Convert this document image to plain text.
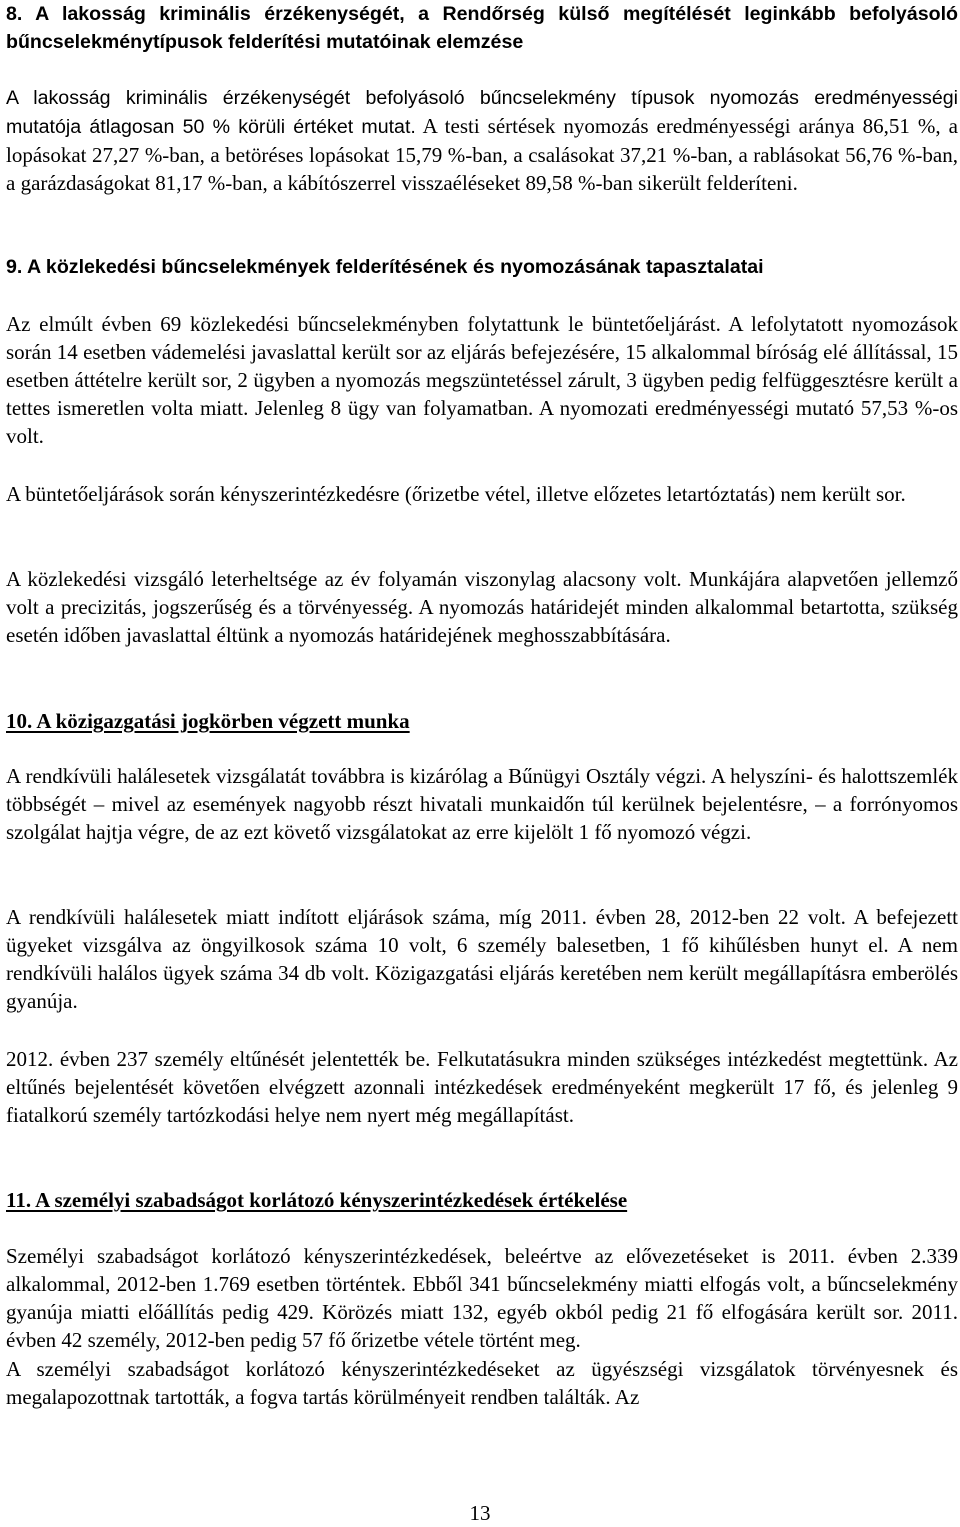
8. A lakosság kriminális érzékenységét, a Rendőrség külső megítélését leginkább befolyásoló bűncselekménytípusok felderítési mutatóinak elemzése

A lakosság kriminális érzékenységét befolyásoló bűncselekmény típusok nyomozás eredményességi mutatója átlagosan 50 % körüli értéket mutat. A testi sértések nyomozás eredményességi aránya 86,51 %, a lopásokat 27,27 %-ban, a betöréses lopásokat 15,79 %-ban, a csalásokat 37,21 %-ban, a rablásokat 56,76 %-ban, a garázdaságokat 81,17 %-ban, a kábítószerrel visszaéléseket 89,58 %-ban sikerült felderíteni.

9. A közlekedési bűncselekmények felderítésének és nyomozásának tapasztalatai

Az elmúlt évben 69 közlekedési bűncselekményben folytattunk le büntetőeljárást. A lefolytatott nyomozások során 14 esetben vádemelési javaslattal került sor az eljárás befejezésére, 15 alkalommal bíróság elé állítással, 15 esetben áttételre került sor, 2 ügyben a nyomozás megszüntetéssel zárult, 3 ügyben pedig felfüggesztésre került a tettes ismeretlen volta miatt. Jelenleg 8 ügy van folyamatban. A nyomozati eredményességi mutató 57,53 %-os volt.

A büntetőeljárások során kényszerintézkedésre (őrizetbe vétel, illetve előzetes letartóztatás) nem került sor.

A közlekedési vizsgáló leterheltsége az év folyamán viszonylag alacsony volt. Munkájára alapvetően jellemző volt a precizitás, jogszerűség és a törvényesség. A nyomozás határidejét minden alkalommal betartotta, szükség esetén időben javaslattal éltünk a nyomozás határidejének meghosszabbítására.

10. A közigazgatási jogkörben végzett munka

A rendkívüli halálesetek vizsgálatát továbbra is kizárólag a Bűnügyi Osztály végzi. A helyszíni- és halottszemlék többségét – mivel az események nagyobb részt hivatali munkaidőn túl kerülnek bejelentésre, – a forrónyomos szolgálat hajtja végre, de az ezt követő vizsgálatokat az erre kijelölt 1 fő nyomozó végzi.

A rendkívüli halálesetek miatt indított eljárások száma, míg 2011. évben 28, 2012-ben 22 volt. A befejezett ügyeket vizsgálva az öngyilkosok száma 10 volt, 6 személy balesetben, 1 fő kihűlésben hunyt el. A nem rendkívüli halálos ügyek száma 34 db volt. Közigazgatási eljárás keretében nem került megállapításra emberölés gyanúja.

2012. évben 237 személy eltűnését jelentették be. Felkutatásukra minden szükséges intézkedést megtettünk. Az eltűnés bejelentését követően elvégzett azonnali intézkedések eredményeként megkerült 17 fő, és jelenleg 9 fiatalkorú személy tartózkodási helye nem nyert még megállapítást.

11. A személyi szabadságot korlátozó kényszerintézkedések értékelése

Személyi szabadságot korlátozó kényszerintézkedések, beleértve az elővezetéseket is 2011. évben 2.339 alkalommal, 2012-ben 1.769 esetben történtek. Ebből 341 bűncselekmény miatti elfogás volt, a bűncselekmény gyanúja miatti előállítás pedig 429. Körözés miatt 132, egyéb okból pedig 21 fő elfogására került sor. 2011. évben 42 személy, 2012-ben pedig 57 fő őrizetbe vétele történt meg.

A személyi szabadságot korlátozó kényszerintézkedéseket az ügyészségi vizsgálatok törvényesnek és megalapozottnak tartották, a fogva tartás körülményeit rendben találták. Az

13
